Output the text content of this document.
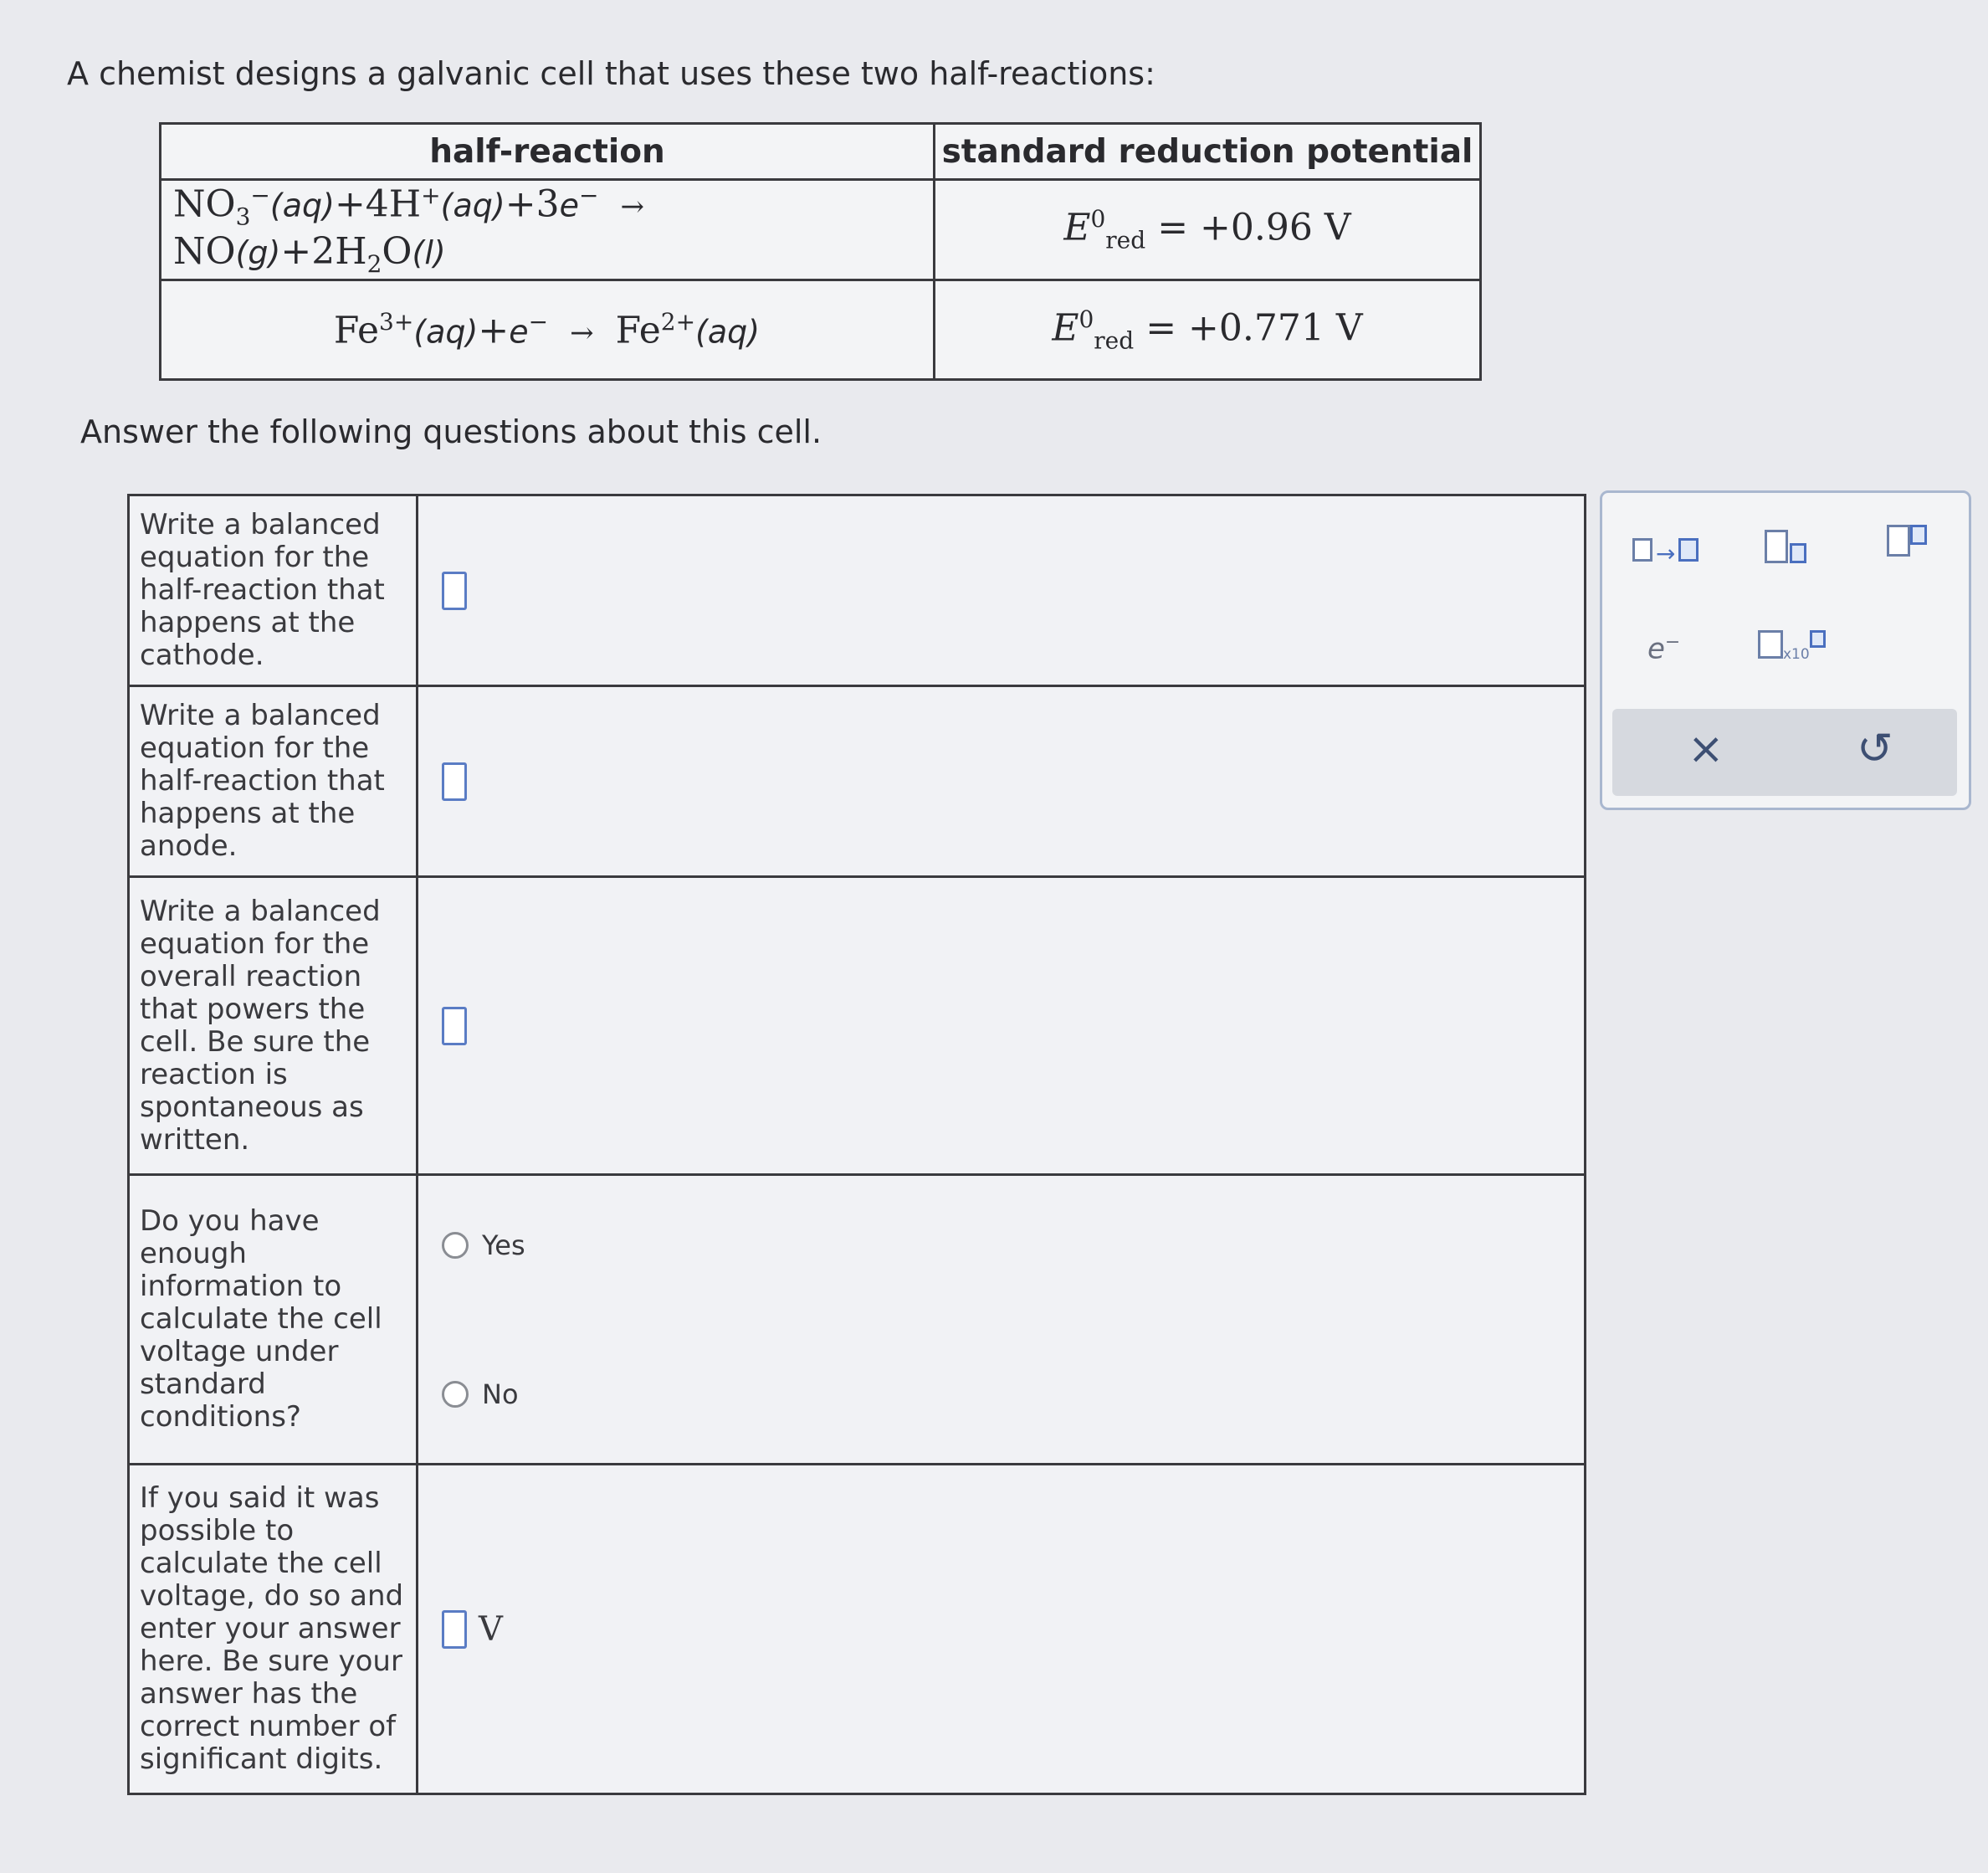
A chemist designs a galvanic cell that uses these two half-reactions:
half-reaction	standard reduction potential
$NO_3^-(aq)+4H^+(aq)+3e^- \to NO(g)+2H_2O(l)$	$E^0_{red} = +0.96$ V
$Fe^{3+}(aq)+e^- \to Fe^{2+}(aq)$	$E^0_{red} = +0.771$ V
Answer the following questions about this cell.
Write a balanced equation for the half-reaction that happens at the cathode.	
Write a balanced equation for the half-reaction that happens at the anode.	
Write a balanced equation for the overall reaction that powers the cell. Be sure the reaction is spontaneous as written.	
Do you have enough information to calculate the cell voltage under standard conditions?	Yes
No

If you said it was possible to calculate the cell voltage, do so and enter your answer here. Be sure your answer has the correct number of significant digits.	V
→
e−
x10
×	↺
